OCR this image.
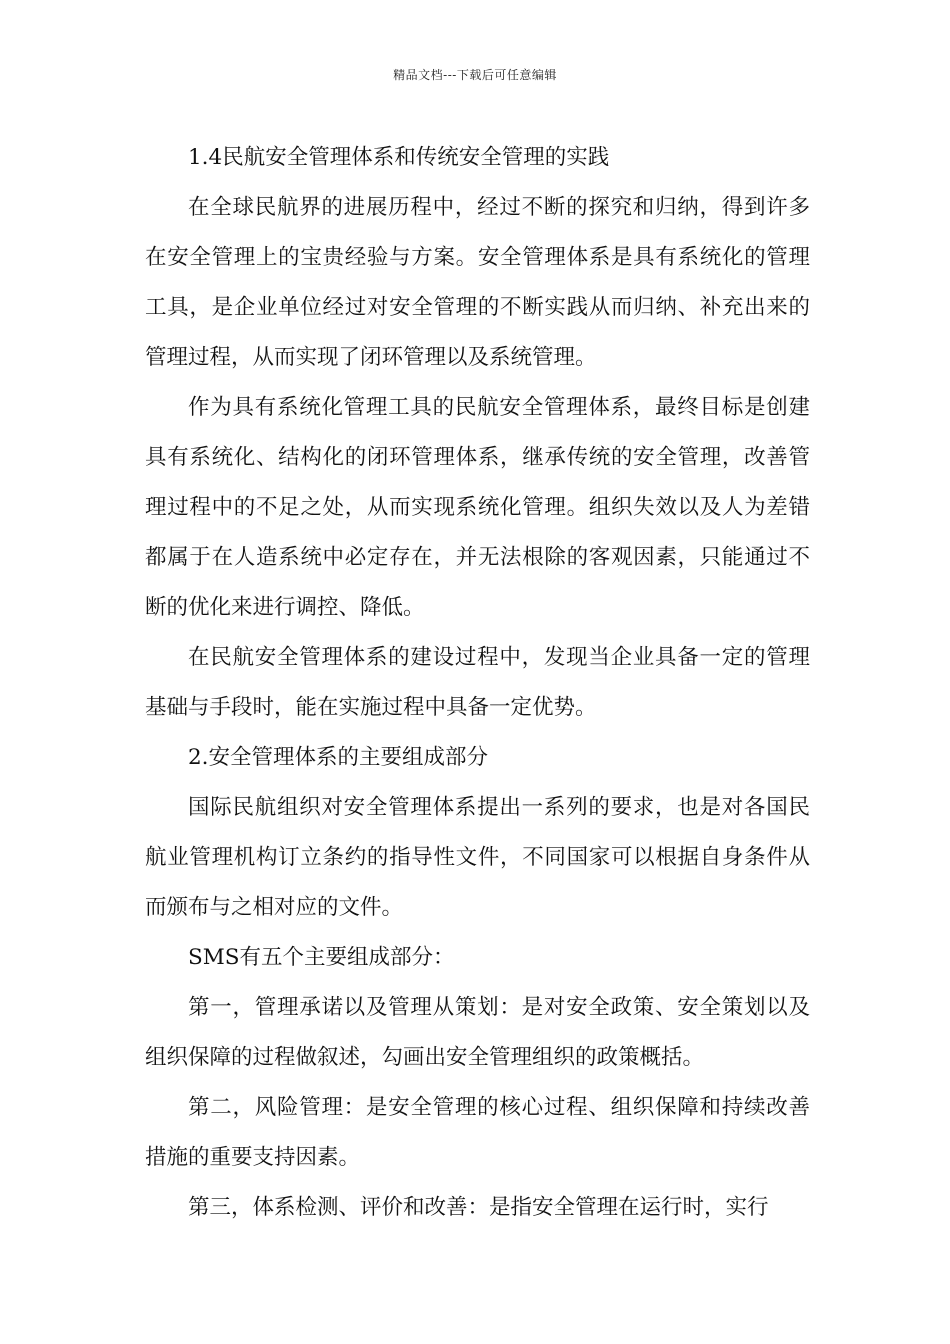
精品文档---下载后可任意编辑

1.4民航安全管理体系和传统安全管理的实践

在全球民航界的进展历程中，经过不断的探究和归纳，得到许多在安全管理上的宝贵经验与方案。安全管理体系是具有系统化的管理工具，是企业单位经过对安全管理的不断实践从而归纳、补充出来的管理过程，从而实现了闭环管理以及系统管理。

作为具有系统化管理工具的民航安全管理体系，最终目标是创建具有系统化、结构化的闭环管理体系，继承传统的安全管理，改善管理过程中的不足之处，从而实现系统化管理。组织失效以及人为差错都属于在人造系统中必定存在，并无法根除的客观因素，只能通过不断的优化来进行调控、降低。

在民航安全管理体系的建设过程中，发现当企业具备一定的管理基础与手段时，能在实施过程中具备一定优势。

2.安全管理体系的主要组成部分

国际民航组织对安全管理体系提出一系列的要求，也是对各国民航业管理机构订立条约的指导性文件，不同国家可以根据自身条件从而颁布与之相对应的文件。

SMS有五个主要组成部分：

第一，管理承诺以及管理从策划：是对安全政策、安全策划以及组织保障的过程做叙述，勾画出安全管理组织的政策概括。

第二，风险管理：是安全管理的核心过程、组织保障和持续改善措施的重要支持因素。

第三，体系检测、评价和改善：是指安全管理在运行时，实行
